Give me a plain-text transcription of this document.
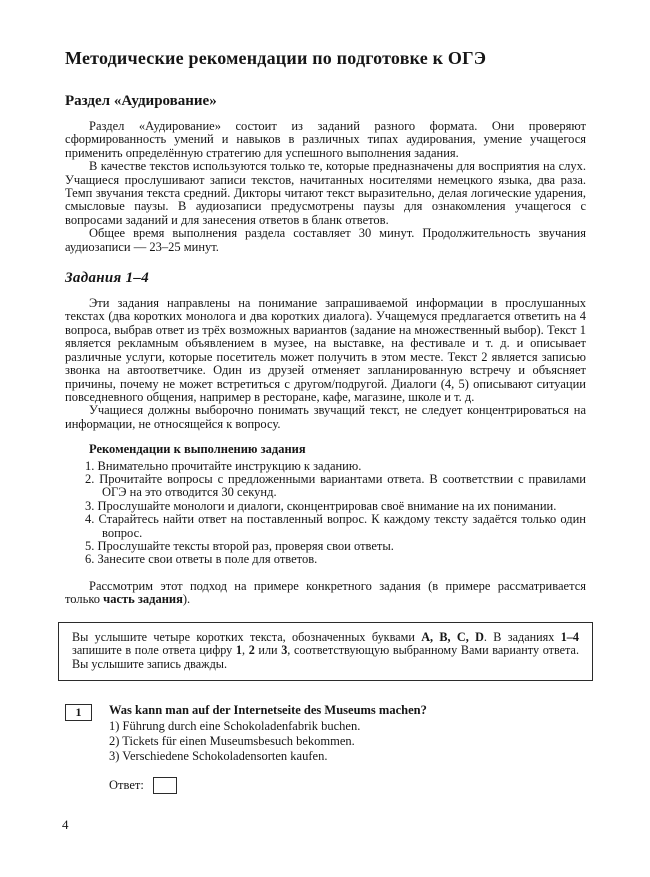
Методические рекомендации по подготовке к ОГЭ
Раздел «Аудирование»

Раздел «Аудирование» состоит из заданий разного формата. Они проверяют сформированность умений и навыков в различных типах аудирования, умение учащегося применить определённую стратегию для успешного выполнения задания.

В качестве текстов используются только те, которые предназначены для восприятия на слух. Учащиеся прослушивают записи текстов, начитанных носителями немецкого языка, два раза. Темп звучания текста средний. Дикторы читают текст выразительно, делая логические ударения, смысловые паузы. В аудиозаписи предусмотрены паузы для ознакомления учащегося с вопросами заданий и для занесения ответов в бланк ответов.

Общее время выполнения раздела составляет 30 минут. Продолжительность звучания аудиозаписи — 23–25 минут.

Задания 1–4

Эти задания направлены на понимание запрашиваемой информации в прослушанных текстах (два коротких монолога и два коротких диалога). Учащемуся предлагается ответить на 4 вопроса, выбрав ответ из трёх возможных вариантов (задание на множественный выбор). Текст 1 является рекламным объявлением в музее, на выставке, на фестивале и т. д. и описывает различные услуги, которые посетитель может получить в этом месте. Текст 2 является записью звонка на автоответчике. Один из друзей отменяет запланированную встречу и объясняет причины, почему не может встретиться с другом/подругой. Диалоги (4, 5) описывают ситуации повседневного общения, например в ресторане, кафе, магазине, школе и т. д.

Учащиеся должны выборочно понимать звучащий текст, не следует концентрироваться на информации, не относящейся к вопросу.

Рекомендации к выполнению задания

1. Внимательно прочитайте инструкцию к заданию.

2. Прочитайте вопросы с предложенными вариантами ответа. В соответствии с правилами ОГЭ на это отводится 30 секунд.

3. Прослушайте монологи и диалоги, сконцентрировав своё внимание на их понимании.

4. Старайтесь найти ответ на поставленный вопрос. К каждому тексту задаётся только один вопрос.

5. Прослушайте тексты второй раз, проверяя свои ответы.

6. Занесите свои ответы в поле для ответов.

Рассмотрим этот подход на примере конкретного задания (в примере рассматривается только часть задания).

Вы услышите четыре коротких текста, обозначенных буквами A, B, C, D. В заданиях 1–4 запишите в поле ответа цифру 1, 2 или 3, соответствующую выбранному Вами варианту ответа. Вы услышите запись дважды.

1	Was kann man auf der Internetseite des Museums machen?

1) Führung durch eine Schokoladenfabrik buchen.

2) Tickets für einen Museumsbesuch bekommen.

3) Verschiedene Schokoladensorten kaufen.

Ответ:
4
